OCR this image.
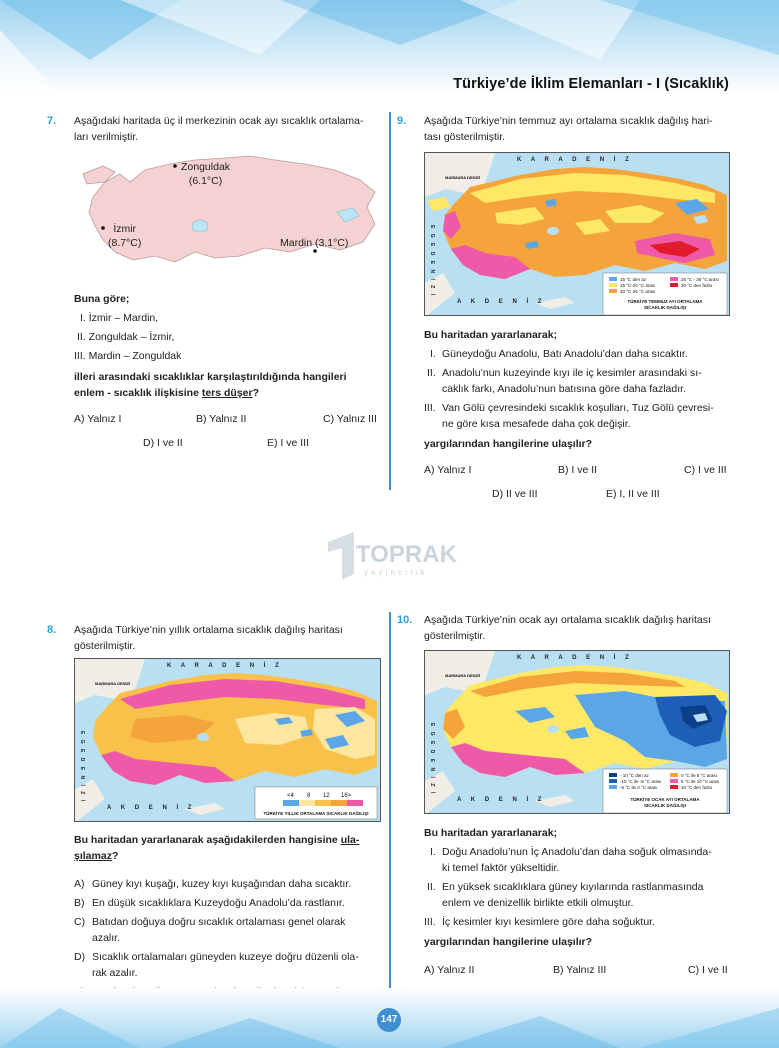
Türkiye’de İklim Elemanları - I (Sıcaklık)
7. Aşağıdaki haritada üç il merkezinin ocak ayı sıcaklık ortalama-

ları verilmiştir.

Zonguldak
(6.1°C)
İzmir
(8.7°C)	Mardin (3.1°C)
Buna göre;
I. İzmir – Mardin,
II. Zonguldak – İzmir,
III. Mardin – Zonguldak
illeri arasındaki sıcaklıklar karşılaştırıldığında hangileri
enlem - sıcaklık ilişkisine ters düşer?
A) Yalnız I	B) Yalnız II	C) Yalnız III
D) I ve II	E) I ve III
9. Aşağıda Türkiye’nin temmuz ayı ortalama sıcaklık dağılış hari-

tası gösterilmiştir.

K A R A D E N İ Z
A K D E N İ Z
E G E D E N İ Z İ
MARMARA DENİZİ
15 °C den az
15 °C-20 °C arası
20 °C-25 °C arası
25 °C - 30 °C arası
30 °C den fazla
TÜRKİYE TEMMUZ AYI ORTALAMA
SICAKLIK DAĞILIŞI
Bu haritadan yararlanarak;
I. Güneydoğu Anadolu, Batı Anadolu’dan daha sıcaktır.
II. Anadolu’nun kuzeyinde kıyı ile iç kesimler arasındaki sı-
caklık farkı, Anadolu’nun batısına göre daha fazladır.
III. Van Gölü çevresindeki sıcaklık koşulları, Tuz Gölü çevresi-
ne göre kısa mesafede daha çok değişir.
yargılarından hangilerine ulaşılır?
A) Yalnız I	B) I ve II	C) I ve III
D) II ve III	E) I, II ve III
TOPRAK
yayıncılık
8. Aşağıda Türkiye’nin yıllık ortalama sıcaklık dağılış haritası

gösterilmiştir.

K A R A D E N İ Z
A K D E N İ Z
E G E D E N İ Z İ
MARMARA DENİZİ
<4 8 12 16>
TÜRKİYE YILLIK ORTALAMA SICAKLIK DAĞILIŞI
Bu haritadan yararlanarak aşağıdakilerden hangisine ula-
şılamaz?
A) Güney kıyı kuşağı, kuzey kıyı kuşağından daha sıcaktır.
B) En düşük sıcaklıklara Kuzeydoğu Anadolu’da rastlanır.
C) Batıdan doğuya doğru sıcaklık ortalaması genel olarak
azalır.
D) Sıcaklık ortalamaları güneyden kuzeye doğru düzenli ola-
rak azalır.
10. Aşağıda Türkiye’nin ocak ayı ortalama sıcaklık dağılış haritası

gösterilmiştir.

K A R A D E N İ Z
A K D E N İ Z
E G E D E N İ Z İ
MARMARA DENİZİ
- 10 °C den az
-10 °C ile -5 °C arası
-5 °C ile 0 °C arası
0 °C ile 5 °C arası
5 °C ile 10 °C arası
10 °C den fazla
TÜRKİYE OCAK AYI ORTALAMA
SICAKLIK DAĞILIŞI
Bu haritadan yararlanarak;
I. Doğu Anadolu’nun İç Anadolu’dan daha soğuk olmasında-
ki temel faktör yükseltidir.
II. En yüksek sıcaklıklara güney kıyılarında rastlanmasında
enlem ve denizellik birlikte etkili olmuştur.
III. İç kesimler kıyı kesimlere göre daha soğuktur.
yargılarından hangilerine ulaşılır?
A) Yalnız II	B) Yalnız III	C) I ve II
147
